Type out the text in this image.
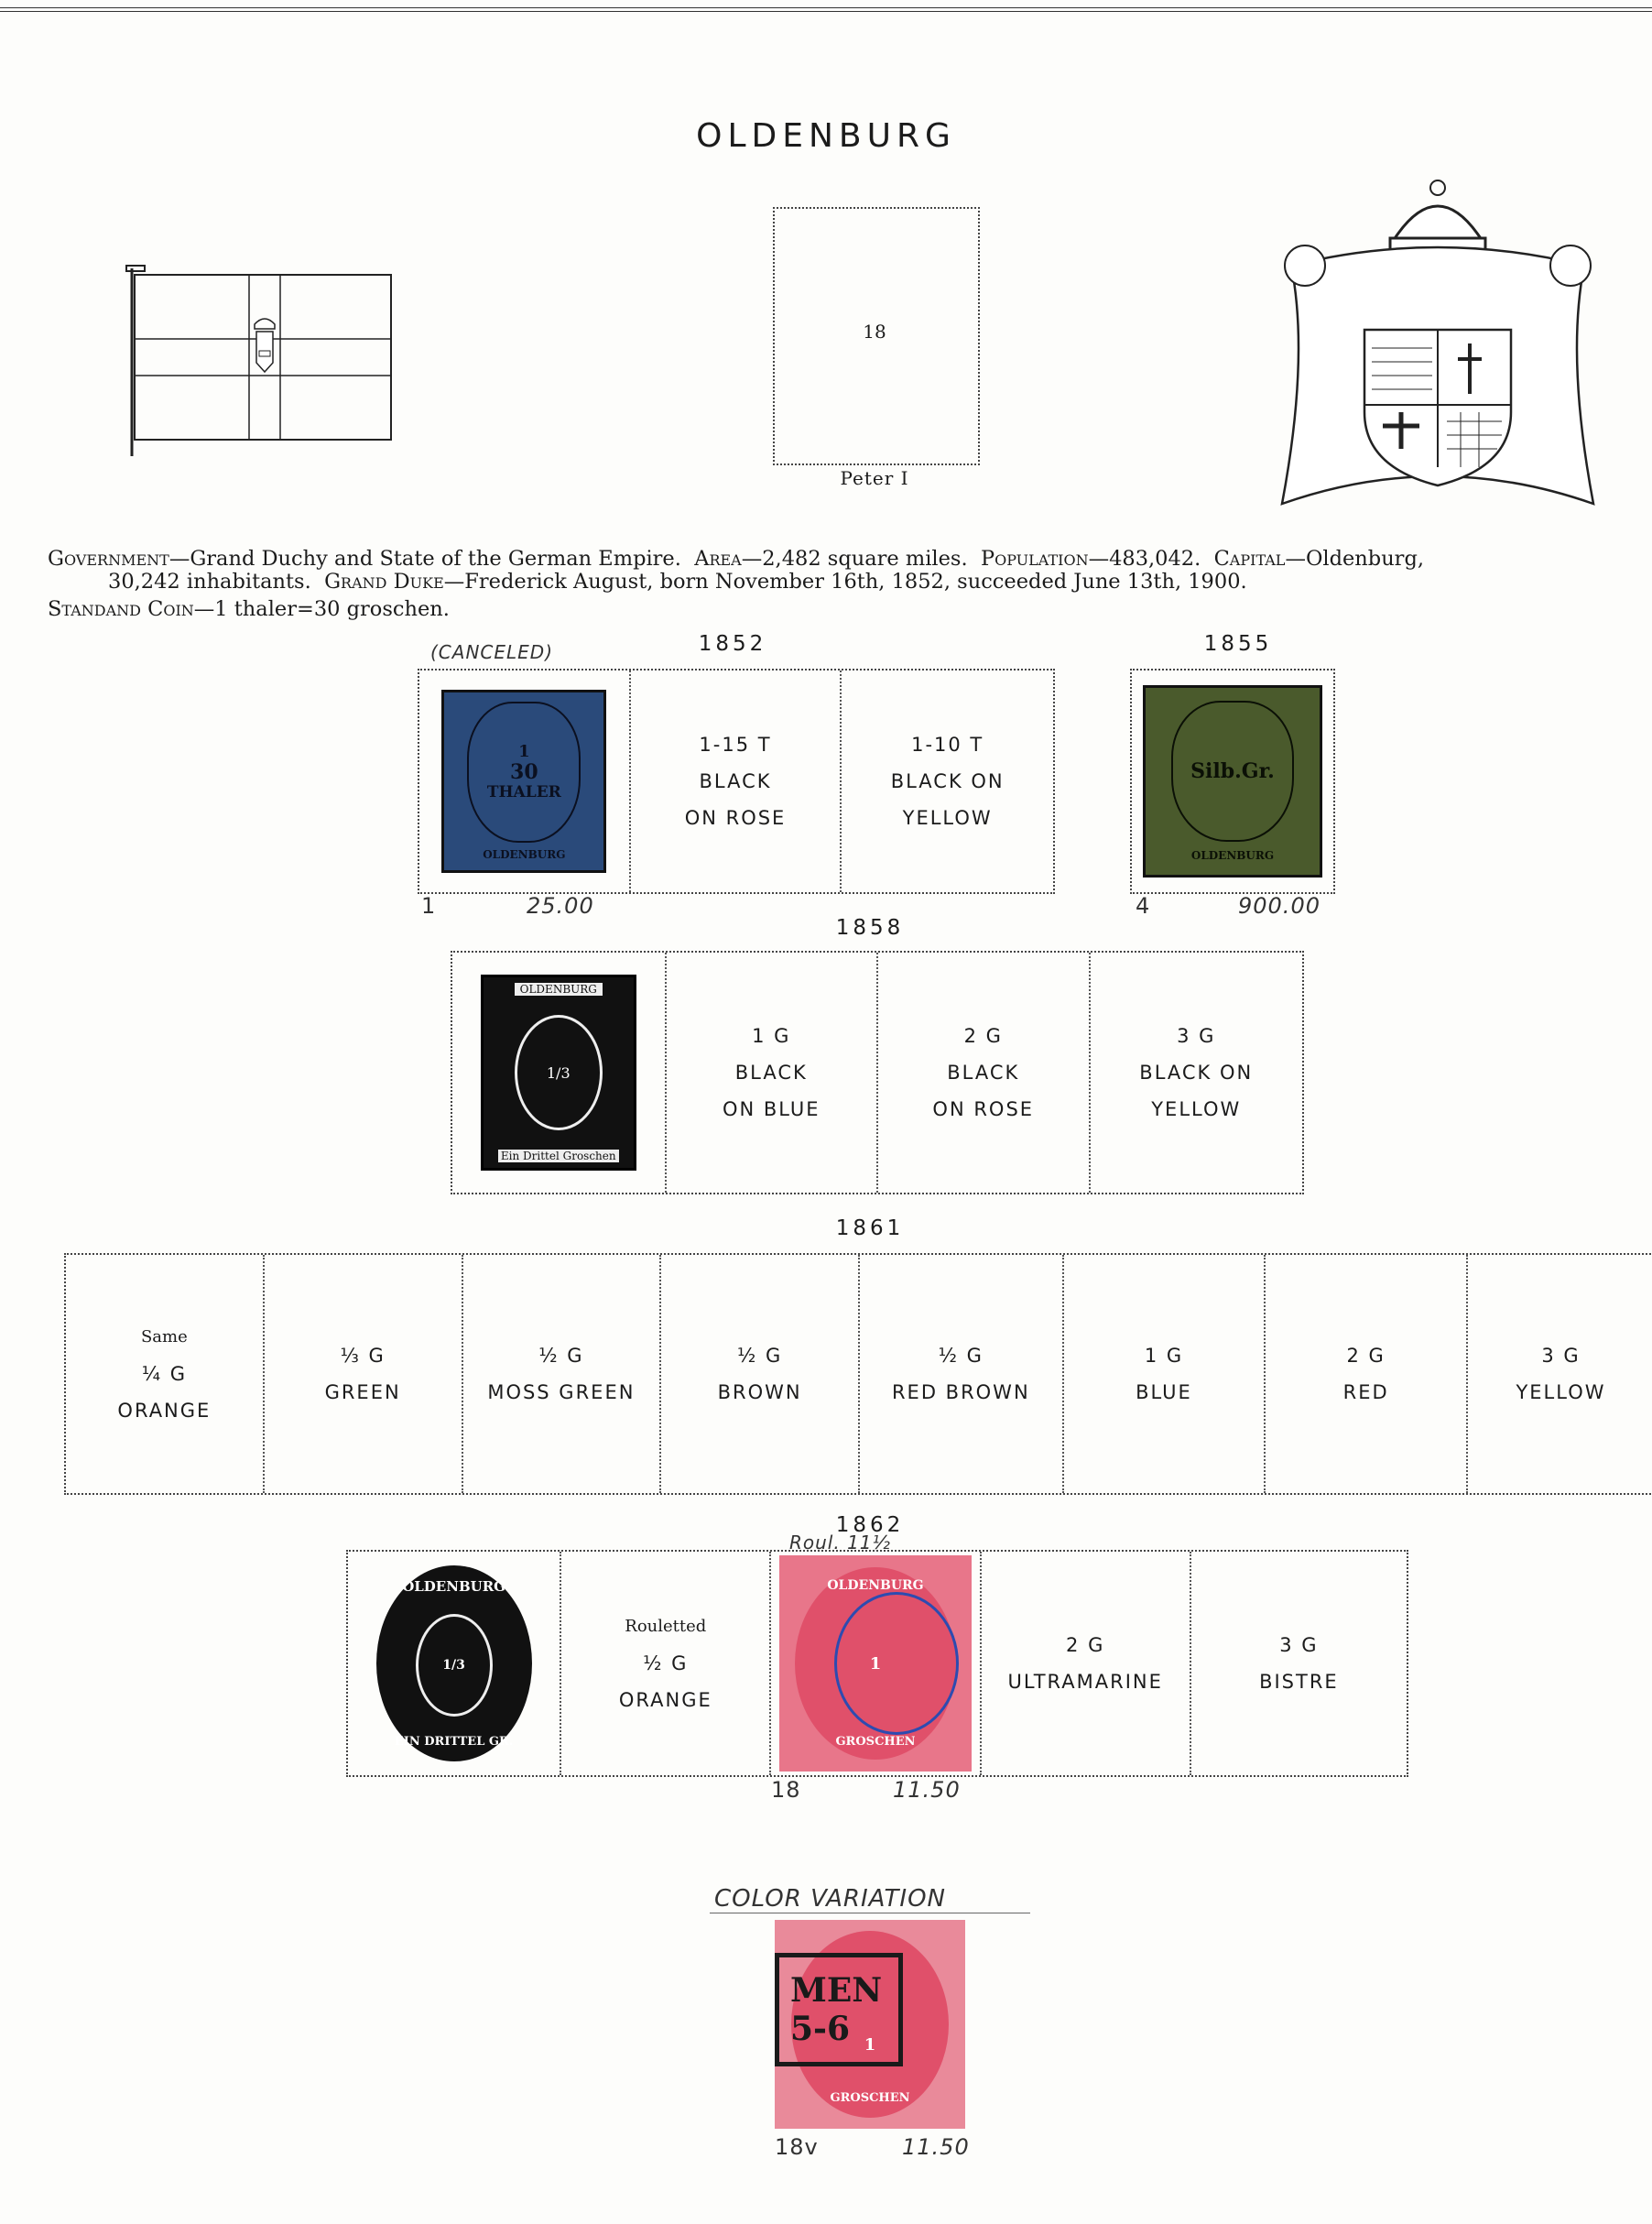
OLDENBURG
18
Peter I
Government—Grand Duchy and State of the German Empire. Area—2,482 square miles. Population—483,042. Capital—Oldenburg,
30,242 inhabitants. Grand Duke—Frederick August, born November 16th, 1852, succeeded June 13th, 1900.
Standand Coin—1 thaler=30 groschen.
(CANCELED)	1852
1
30
THALER
OLDENBURG
1-15 T
BLACK
ON ROSE
1-10 T
BLACK ON
YELLOW
1	25.00
1855
Silb.Gr.
OLDENBURG
4	900.00
1858
OLDENBURG
1/3
Ein Drittel Groschen
1 G
BLACK
ON BLUE
2 G
BLACK
ON ROSE
3 G
BLACK ON
YELLOW
1861
Same
¼ G
ORANGE
⅓ G
GREEN
½ G
MOSS GREEN
½ G
BROWN
½ G
RED BROWN
1 G
BLUE
2 G
RED
3 G
YELLOW
1862
Roul. 11½
OLDENBURG
1/3
EIN DRITTEL GR.
Rouletted
½ G
ORANGE
OLDENBURG
1
GROSCHEN
2 G
ULTRAMARINE
3 G
BISTRE
18	11.50
COLOR VARIATION
1
GROSCHEN
MEN
5-6
18v	11.50
